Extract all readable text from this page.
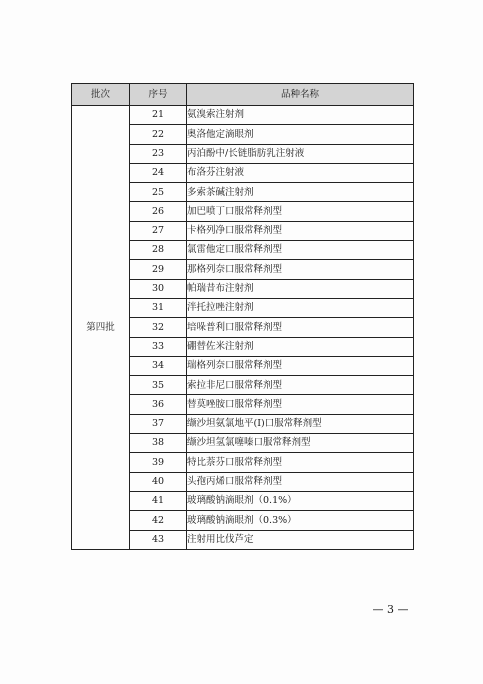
批次	序号	品种名称
第四批	21	氨溴索注射剂
	22	奥洛他定滴眼剂
	23	丙泊酚中/长链脂肪乳注射液
	24	布洛芬注射液
	25	多索茶碱注射剂
	26	加巴喷丁口服常释剂型
	27	卡格列净口服常释剂型
	28	氯雷他定口服常释剂型
	29	那格列奈口服常释剂型
	30	帕瑞昔布注射剂
	31	泮托拉唑注射剂
	32	培哚普利口服常释剂型
	33	硼替佐米注射剂
	34	瑞格列奈口服常释剂型
	35	索拉非尼口服常释剂型
	36	替莫唑胺口服常释剂型
	37	缬沙坦氨氯地平(Ⅰ)口服常释剂型
	38	缬沙坦氢氯噻嗪口服常释剂型
	39	特比萘芬口服常释剂型
	40	头孢丙烯口服常释剂型
	41	玻璃酸钠滴眼剂（0.1%）
	42	玻璃酸钠滴眼剂（0.3%）
	43	注射用比伐芦定
— 3 —
